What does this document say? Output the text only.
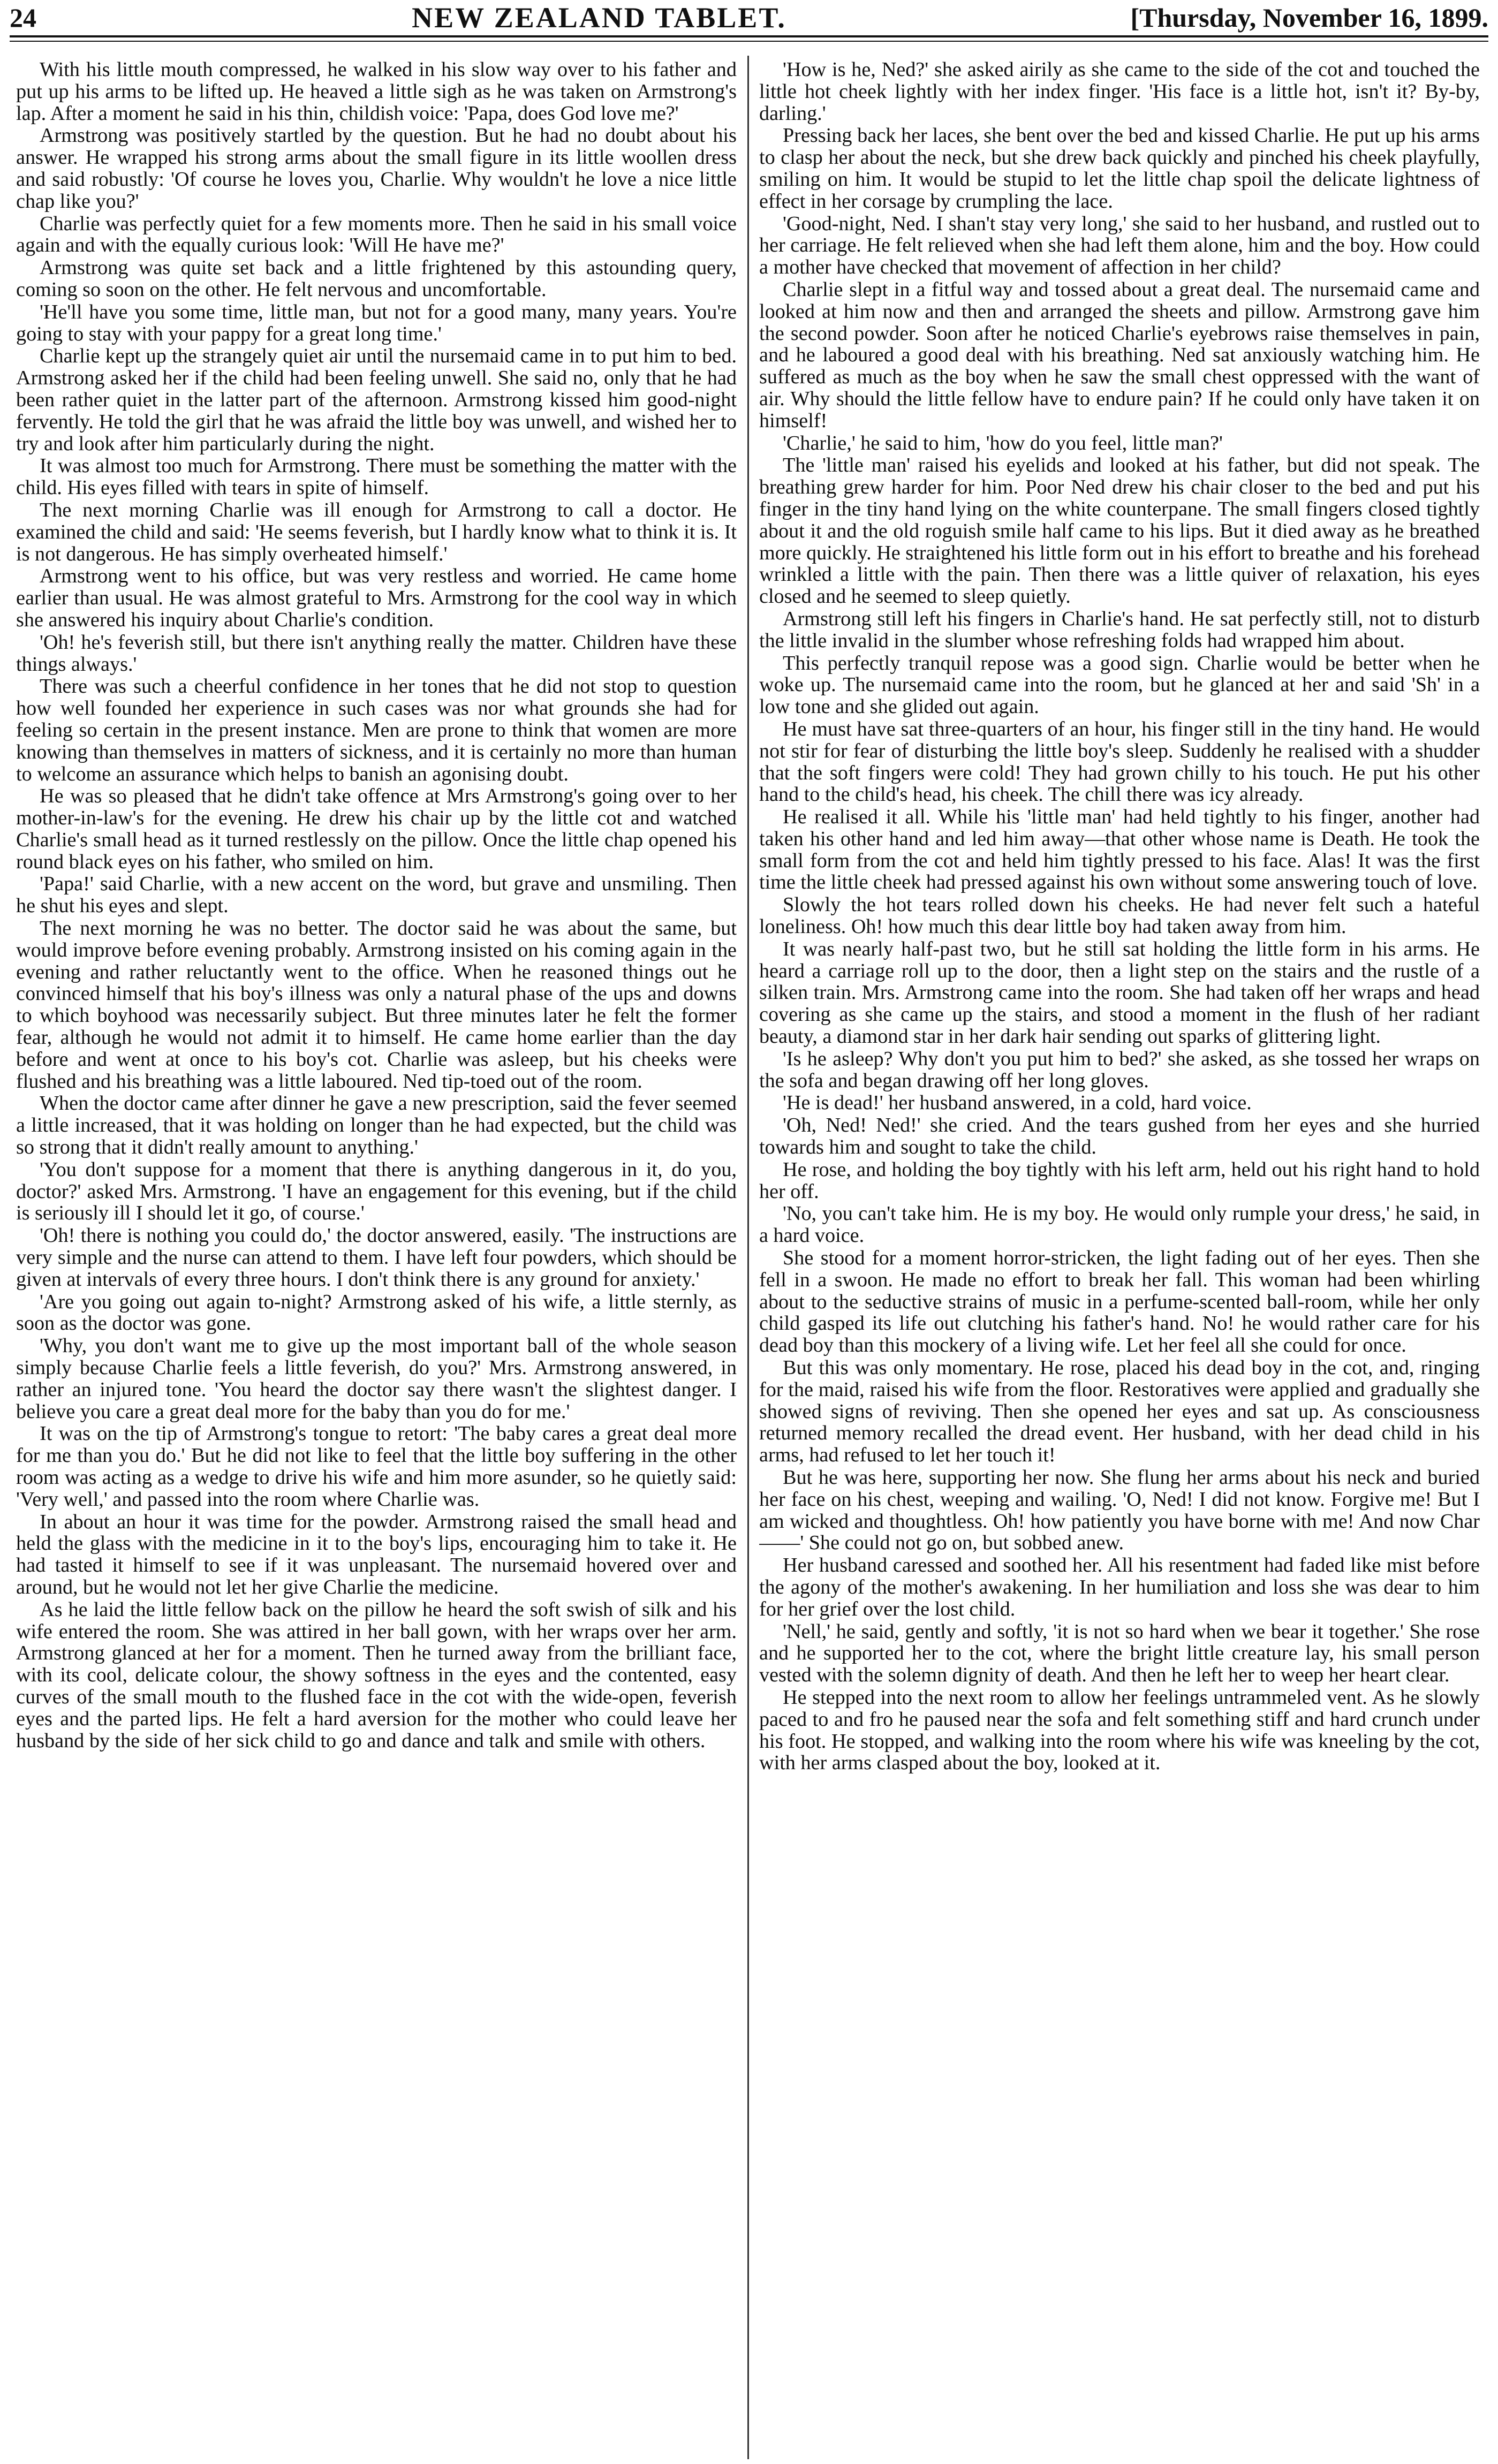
24	NEW ZEALAND TABLET.	[Thursday, November 16, 1899.

With his little mouth compressed, he walked in his slow way over to his father and put up his arms to be lifted up. He heaved a little sigh as he was taken on Armstrong's lap. After a moment he said in his thin, childish voice: 'Papa, does God love me?'

Armstrong was positively startled by the question. But he had no doubt about his answer. He wrapped his strong arms about the small figure in its little woollen dress and said robustly: 'Of course he loves you, Charlie. Why wouldn't he love a nice little chap like you?'

Charlie was perfectly quiet for a few moments more. Then he said in his small voice again and with the equally curious look: 'Will He have me?'

Armstrong was quite set back and a little frightened by this astounding query, coming so soon on the other. He felt nervous and uncomfortable.

'He'll have you some time, little man, but not for a good many, many years. You're going to stay with your pappy for a great long time.'

Charlie kept up the strangely quiet air until the nursemaid came in to put him to bed. Armstrong asked her if the child had been feeling unwell. She said no, only that he had been rather quiet in the latter part of the afternoon. Armstrong kissed him good-night fervently. He told the girl that he was afraid the little boy was unwell, and wished her to try and look after him particularly during the night.

It was almost too much for Armstrong. There must be something the matter with the child. His eyes filled with tears in spite of himself.

The next morning Charlie was ill enough for Armstrong to call a doctor. He examined the child and said: 'He seems feverish, but I hardly know what to think it is. It is not dangerous. He has simply overheated himself.'

Armstrong went to his office, but was very restless and worried. He came home earlier than usual. He was almost grateful to Mrs. Armstrong for the cool way in which she answered his inquiry about Charlie's condition.

'Oh! he's feverish still, but there isn't anything really the matter. Children have these things always.'

There was such a cheerful confidence in her tones that he did not stop to question how well founded her experience in such cases was nor what grounds she had for feeling so certain in the present instance. Men are prone to think that women are more knowing than themselves in matters of sickness, and it is certainly no more than human to welcome an assurance which helps to banish an agonising doubt.

He was so pleased that he didn't take offence at Mrs Armstrong's going over to her mother-in-law's for the evening. He drew his chair up by the little cot and watched Charlie's small head as it turned restlessly on the pillow. Once the little chap opened his round black eyes on his father, who smiled on him.

'Papa!' said Charlie, with a new accent on the word, but grave and unsmiling. Then he shut his eyes and slept.

The next morning he was no better. The doctor said he was about the same, but would improve before evening probably. Armstrong insisted on his coming again in the evening and rather reluctantly went to the office. When he reasoned things out he convinced himself that his boy's illness was only a natural phase of the ups and downs to which boyhood was necessarily subject. But three minutes later he felt the former fear, although he would not admit it to himself. He came home earlier than the day before and went at once to his boy's cot. Charlie was asleep, but his cheeks were flushed and his breathing was a little laboured. Ned tip-toed out of the room.

When the doctor came after dinner he gave a new prescription, said the fever seemed a little increased, that it was holding on longer than he had expected, but the child was so strong that it didn't really amount to anything.'

'You don't suppose for a moment that there is anything dangerous in it, do you, doctor?' asked Mrs. Armstrong. 'I have an engagement for this evening, but if the child is seriously ill I should let it go, of course.'

'Oh! there is nothing you could do,' the doctor answered, easily. 'The instructions are very simple and the nurse can attend to them. I have left four powders, which should be given at intervals of every three hours. I don't think there is any ground for anxiety.'

'Are you going out again to-night? Armstrong asked of his wife, a little sternly, as soon as the doctor was gone.

'Why, you don't want me to give up the most important ball of the whole season simply because Charlie feels a little feverish, do you?' Mrs. Armstrong answered, in rather an injured tone. 'You heard the doctor say there wasn't the slightest danger. I believe you care a great deal more for the baby than you do for me.'

It was on the tip of Armstrong's tongue to retort: 'The baby cares a great deal more for me than you do.' But he did not like to feel that the little boy suffering in the other room was acting as a wedge to drive his wife and him more asunder, so he quietly said: 'Very well,' and passed into the room where Charlie was.

In about an hour it was time for the powder. Armstrong raised the small head and held the glass with the medicine in it to the boy's lips, encouraging him to take it. He had tasted it himself to see if it was unpleasant. The nursemaid hovered over and around, but he would not let her give Charlie the medicine.

As he laid the little fellow back on the pillow he heard the soft swish of silk and his wife entered the room. She was attired in her ball gown, with her wraps over her arm. Armstrong glanced at her for a moment. Then he turned away from the brilliant face, with its cool, delicate colour, the showy softness in the eyes and the contented, easy curves of the small mouth to the flushed face in the cot with the wide-open, feverish eyes and the parted lips. He felt a hard aversion for the mother who could leave her husband by the side of her sick child to go and dance and talk and smile with others.

'How is he, Ned?' she asked airily as she came to the side of the cot and touched the little hot cheek lightly with her index finger. 'His face is a little hot, isn't it? By-by, darling.'

Pressing back her laces, she bent over the bed and kissed Charlie. He put up his arms to clasp her about the neck, but she drew back quickly and pinched his cheek playfully, smiling on him. It would be stupid to let the little chap spoil the delicate lightness of effect in her corsage by crumpling the lace.

'Good-night, Ned. I shan't stay very long,' she said to her husband, and rustled out to her carriage. He felt relieved when she had left them alone, him and the boy. How could a mother have checked that movement of affection in her child?

Charlie slept in a fitful way and tossed about a great deal. The nursemaid came and looked at him now and then and arranged the sheets and pillow. Armstrong gave him the second powder. Soon after he noticed Charlie's eyebrows raise themselves in pain, and he laboured a good deal with his breathing. Ned sat anxiously watching him. He suffered as much as the boy when he saw the small chest oppressed with the want of air. Why should the little fellow have to endure pain? If he could only have taken it on himself!

'Charlie,' he said to him, 'how do you feel, little man?'

The 'little man' raised his eyelids and looked at his father, but did not speak. The breathing grew harder for him. Poor Ned drew his chair closer to the bed and put his finger in the tiny hand lying on the white counterpane. The small fingers closed tightly about it and the old roguish smile half came to his lips. But it died away as he breathed more quickly. He straightened his little form out in his effort to breathe and his forehead wrinkled a little with the pain. Then there was a little quiver of relaxation, his eyes closed and he seemed to sleep quietly.

Armstrong still left his fingers in Charlie's hand. He sat perfectly still, not to disturb the little invalid in the slumber whose refreshing folds had wrapped him about.

This perfectly tranquil repose was a good sign. Charlie would be better when he woke up. The nursemaid came into the room, but he glanced at her and said 'Sh' in a low tone and she glided out again.

He must have sat three-quarters of an hour, his finger still in the tiny hand. He would not stir for fear of disturbing the little boy's sleep. Suddenly he realised with a shudder that the soft fingers were cold! They had grown chilly to his touch. He put his other hand to the child's head, his cheek. The chill there was icy already.

He realised it all. While his 'little man' had held tightly to his finger, another had taken his other hand and led him away—that other whose name is Death. He took the small form from the cot and held him tightly pressed to his face. Alas! It was the first time the little cheek had pressed against his own without some answering touch of love.

Slowly the hot tears rolled down his cheeks. He had never felt such a hateful loneliness. Oh! how much this dear little boy had taken away from him.

It was nearly half-past two, but he still sat holding the little form in his arms. He heard a carriage roll up to the door, then a light step on the stairs and the rustle of a silken train. Mrs. Armstrong came into the room. She had taken off her wraps and head covering as she came up the stairs, and stood a moment in the flush of her radiant beauty, a diamond star in her dark hair sending out sparks of glittering light.

'Is he asleep? Why don't you put him to bed?' she asked, as she tossed her wraps on the sofa and began drawing off her long gloves.

'He is dead!' her husband answered, in a cold, hard voice.

'Oh, Ned! Ned!' she cried. And the tears gushed from her eyes and she hurried towards him and sought to take the child.

He rose, and holding the boy tightly with his left arm, held out his right hand to hold her off.

'No, you can't take him. He is my boy. He would only rumple your dress,' he said, in a hard voice.

She stood for a moment horror-stricken, the light fading out of her eyes. Then she fell in a swoon. He made no effort to break her fall. This woman had been whirling about to the seductive strains of music in a perfume-scented ball-room, while her only child gasped its life out clutching his father's hand. No! he would rather care for his dead boy than this mockery of a living wife. Let her feel all she could for once.

But this was only momentary. He rose, placed his dead boy in the cot, and, ringing for the maid, raised his wife from the floor. Restoratives were applied and gradually she showed signs of reviving. Then she opened her eyes and sat up. As consciousness returned memory recalled the dread event. Her husband, with her dead child in his arms, had refused to let her touch it!

But he was here, supporting her now. She flung her arms about his neck and buried her face on his chest, weeping and wailing. 'O, Ned! I did not know. Forgive me! But I am wicked and thoughtless. Oh! how patiently you have borne with me! And now Char——' She could not go on, but sobbed anew.

Her husband caressed and soothed her. All his resentment had faded like mist before the agony of the mother's awakening. In her humiliation and loss she was dear to him for her grief over the lost child.

'Nell,' he said, gently and softly, 'it is not so hard when we bear it together.' She rose and he supported her to the cot, where the bright little creature lay, his small person vested with the solemn dignity of death. And then he left her to weep her heart clear.

He stepped into the next room to allow her feelings untrammeled vent. As he slowly paced to and fro he paused near the sofa and felt something stiff and hard crunch under his foot. He stopped, and walking into the room where his wife was kneeling by the cot, with her arms clasped about the boy, looked at it.
